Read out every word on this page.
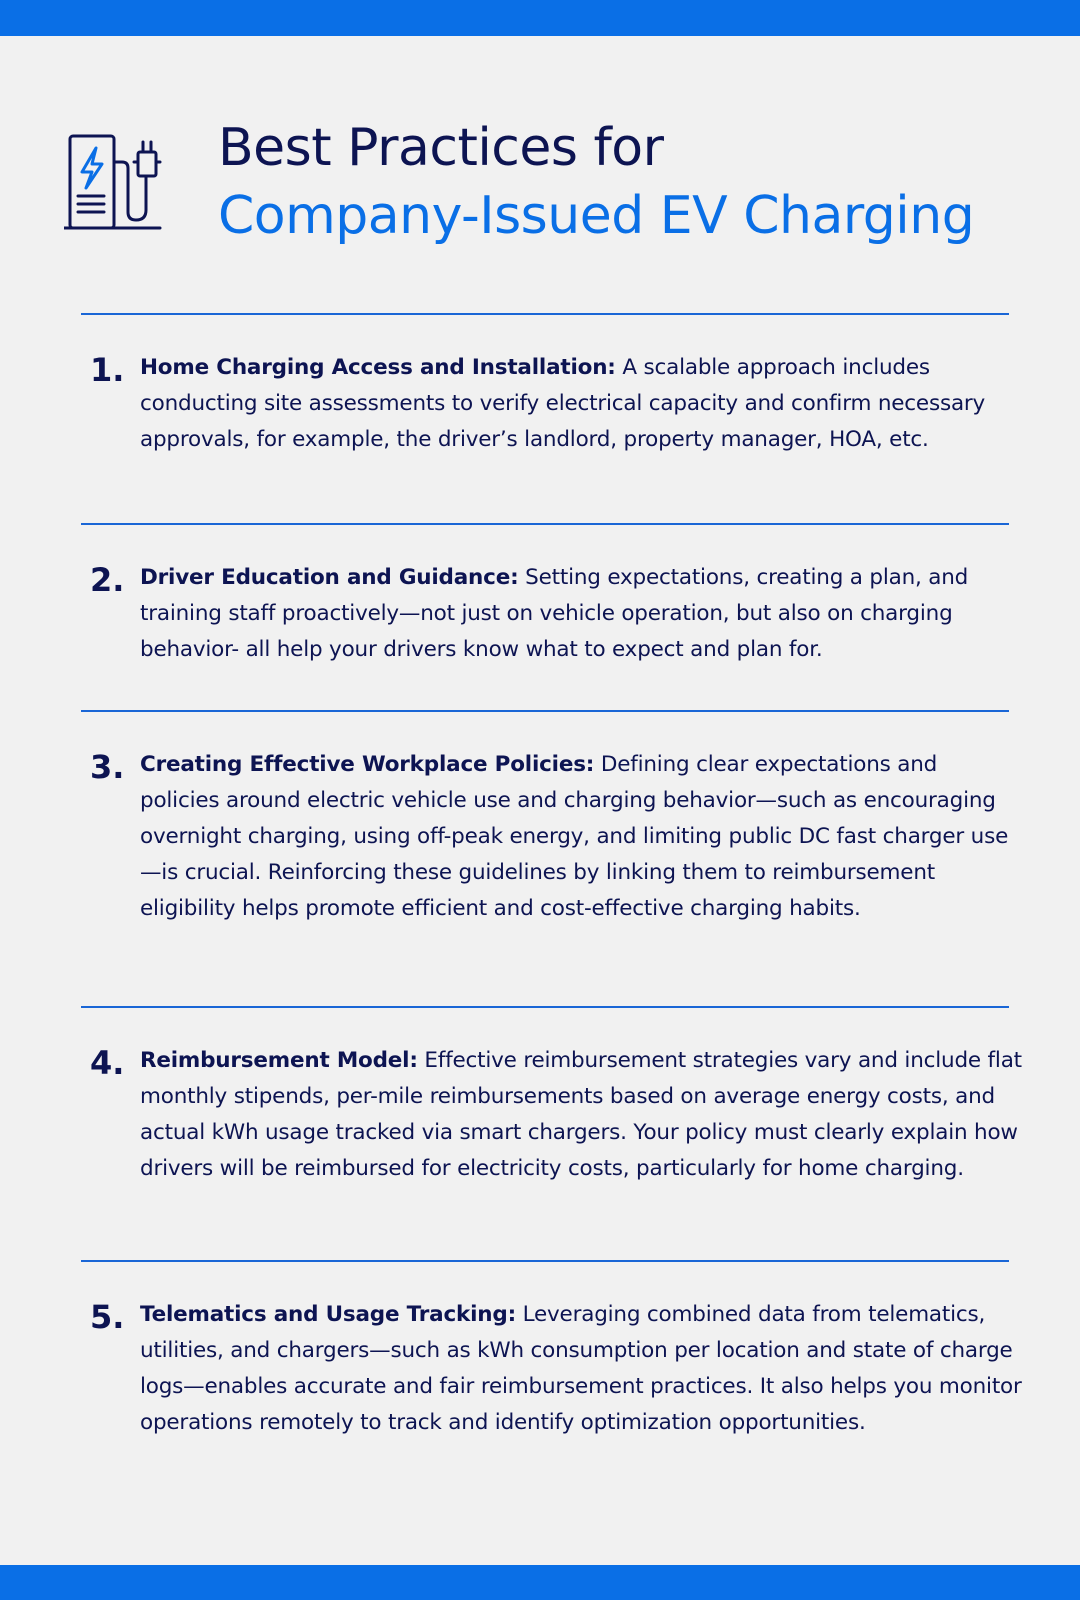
Best Practices for
Company-Issued EV Charging
1. Home Charging Access and Installation: A scalable approach includes conducting site assessments to verify electrical capacity and confirm necessary approvals, for example, the driver’s landlord, property manager, HOA, etc.
2. Driver Education and Guidance: Setting expectations, creating a plan, and training staff proactively—not just on vehicle operation, but also on charging behavior- all help your drivers know what to expect and plan for.
3. Creating Effective Workplace Policies: Defining clear expectations and policies around electric vehicle use and charging behavior—such as encouraging overnight charging, using off-peak energy, and limiting public DC fast charger use—is crucial. Reinforcing these guidelines by linking them to reimbursement eligibility helps promote efficient and cost-effective charging habits.
4. Reimbursement Model: Effective reimbursement strategies vary and include flat monthly stipends, per-mile reimbursements based on average energy costs, and actual kWh usage tracked via smart chargers. Your policy must clearly explain how drivers will be reimbursed for electricity costs, particularly for home charging.
5. Telematics and Usage Tracking: Leveraging combined data from telematics, utilities, and chargers—such as kWh consumption per location and state of charge logs—enables accurate and fair reimbursement practices. It also helps you monitor operations remotely to track and identify optimization opportunities.
